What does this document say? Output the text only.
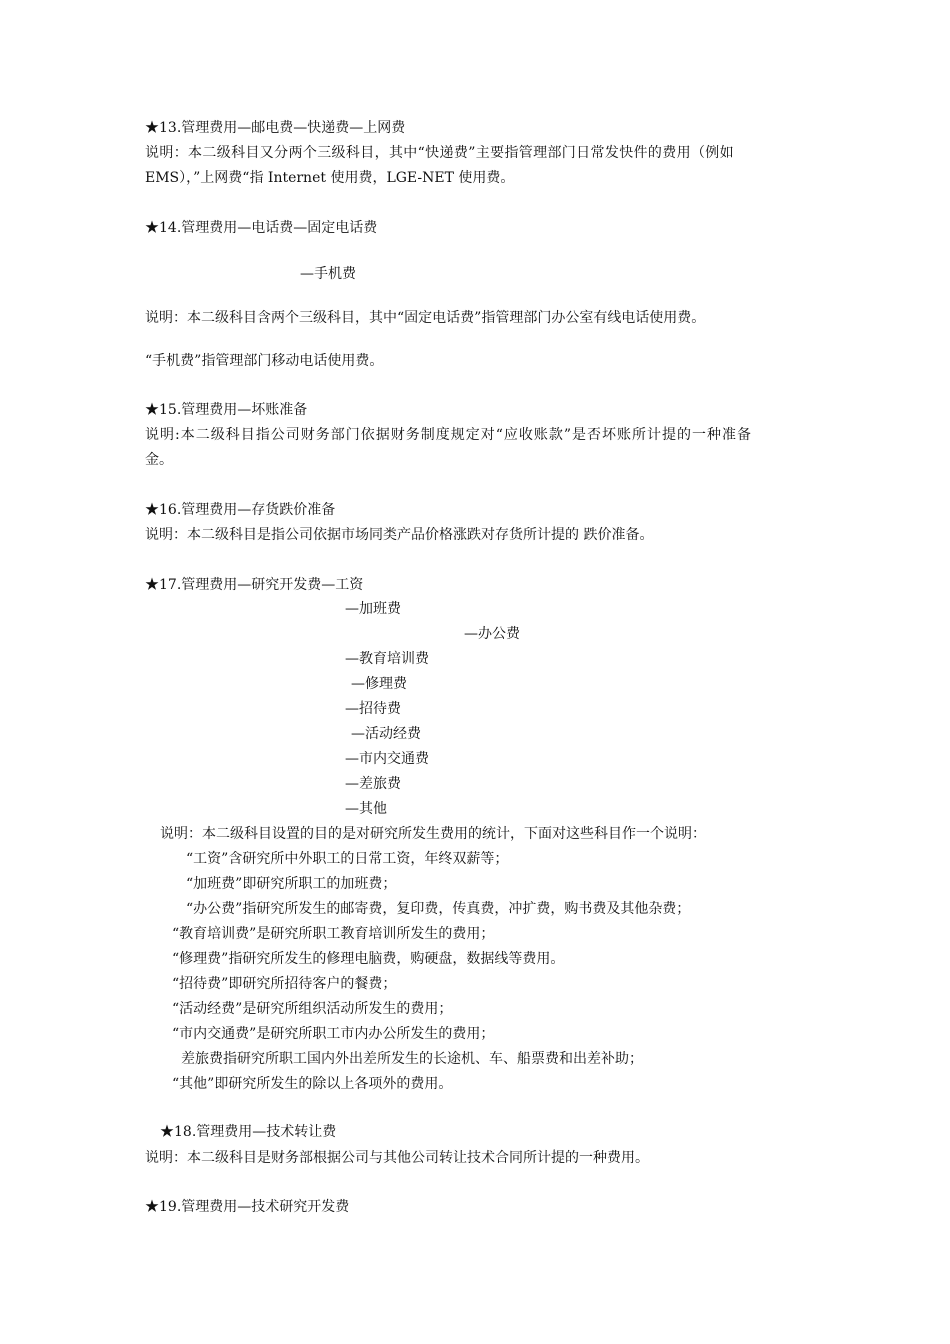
★13.管理费用—邮电费—快递费—上网费
说明：本二级科目又分两个三级科目，其中“快递费”主要指管理部门日常发快件的费用（例如
EMS），”上网费“指 Internet 使用费，LGE-NET 使用费。
★14.管理费用—电话费—固定电话费
—手机费
说明：本二级科目含两个三级科目，其中“固定电话费”指管理部门办公室有线电话使用费。
“手机费”指管理部门移动电话使用费。
★15.管理费用—坏账准备
说明:本二级科目指公司财务部门依据财务制度规定对“应收账款”是否坏账所计提的一种准备
金。
★16.管理费用—存货跌价准备
说明：本二级科目是指公司依据市场同类产品价格涨跌对存货所计提的 跌价准备。
★17.管理费用—研究开发费—工资
—加班费
—办公费
—教育培训费
—修理费
—招待费
—活动经费
—市内交通费
—差旅费
—其他
说明：本二级科目设置的目的是对研究所发生费用的统计，下面对这些科目作一个说明：
“工资”含研究所中外职工的日常工资，年终双薪等；
“加班费”即研究所职工的加班费；
“办公费”指研究所发生的邮寄费，复印费，传真费，冲扩费，购书费及其他杂费；
“教育培训费”是研究所职工教育培训所发生的费用；
“修理费”指研究所发生的修理电脑费，购硬盘，数据线等费用。
“招待费”即研究所招待客户的餐费；
“活动经费”是研究所组织活动所发生的费用；
“市内交通费”是研究所职工市内办公所发生的费用；
差旅费指研究所职工国内外出差所发生的长途机、车、船票费和出差补助；
“其他”即研究所发生的除以上各项外的费用。
★18.管理费用—技术转让费
说明：本二级科目是财务部根据公司与其他公司转让技术合同所计提的一种费用。
★19.管理费用—技术研究开发费
